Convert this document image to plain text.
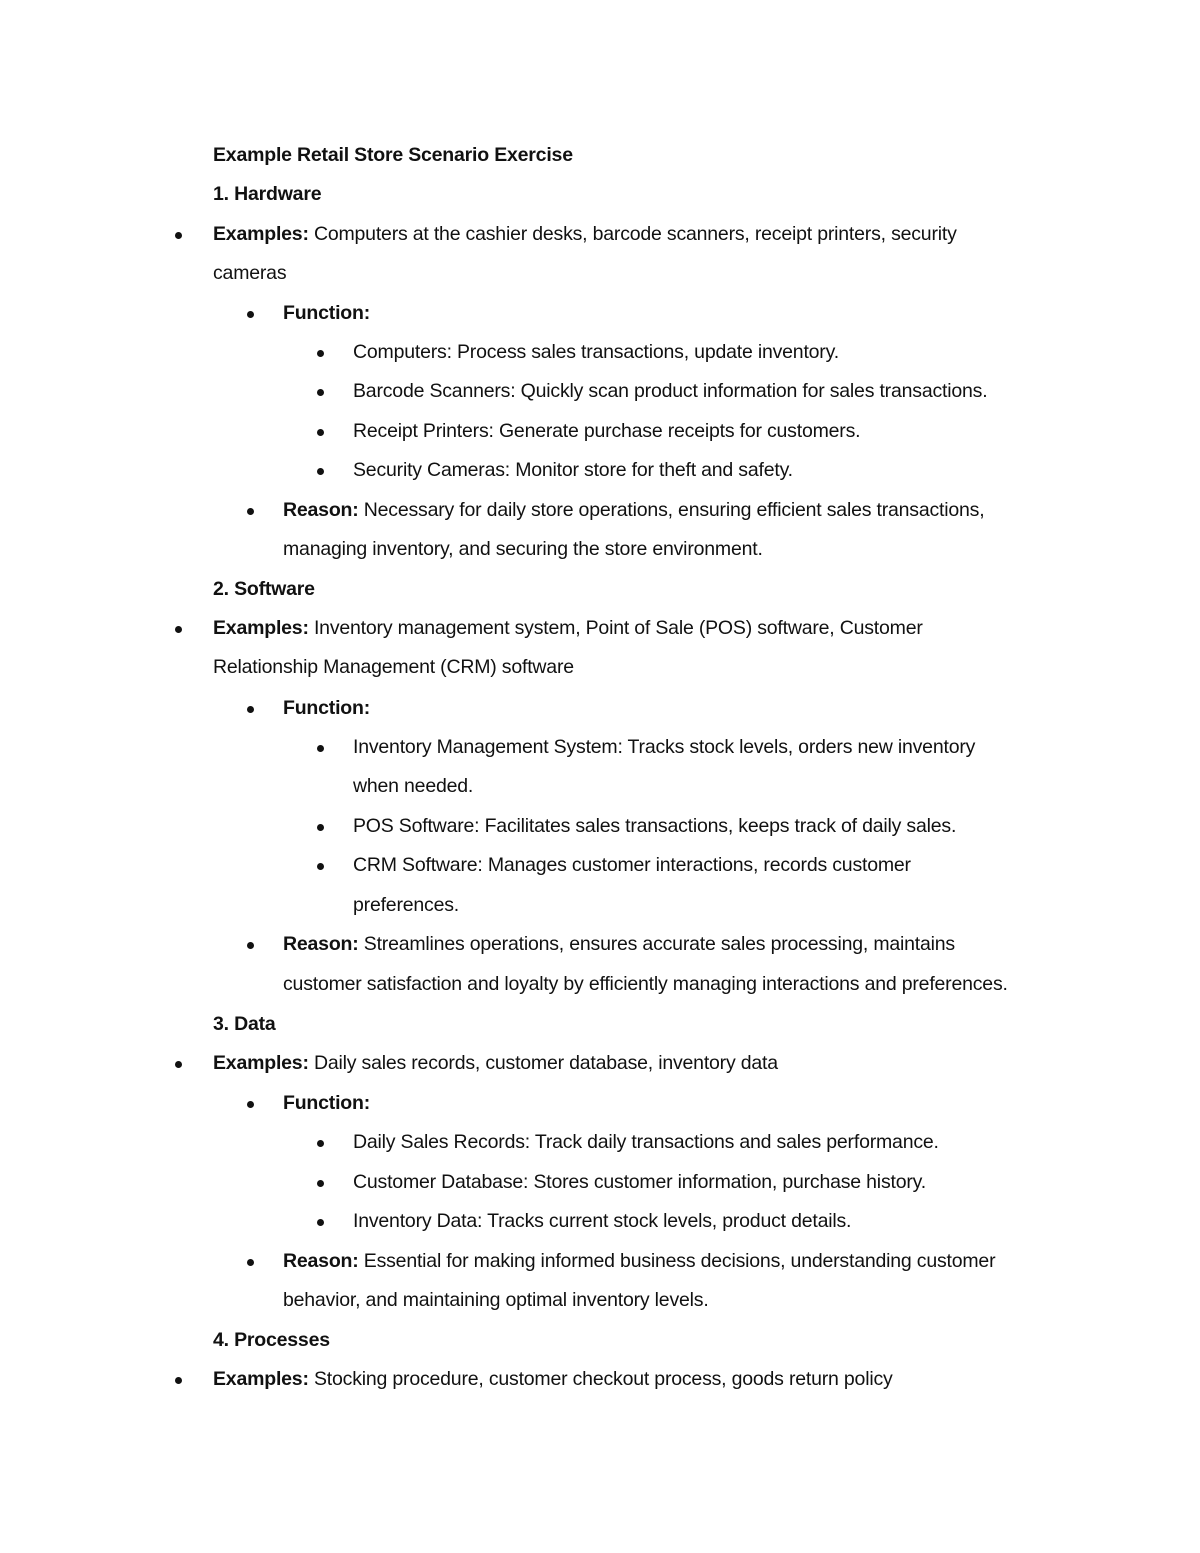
Example Retail Store Scenario Exercise
1. Hardware
Examples: Computers at the cashier desks, barcode scanners, receipt printers, security
cameras
Function:
Computers: Process sales transactions, update inventory.
Barcode Scanners: Quickly scan product information for sales transactions.
Receipt Printers: Generate purchase receipts for customers.
Security Cameras: Monitor store for theft and safety.
Reason: Necessary for daily store operations, ensuring efficient sales transactions,
managing inventory, and securing the store environment.
2. Software
Examples: Inventory management system, Point of Sale (POS) software, Customer
Relationship Management (CRM) software
Function:
Inventory Management System: Tracks stock levels, orders new inventory
when needed.
POS Software: Facilitates sales transactions, keeps track of daily sales.
CRM Software: Manages customer interactions, records customer
preferences.
Reason: Streamlines operations, ensures accurate sales processing, maintains
customer satisfaction and loyalty by efficiently managing interactions and preferences.
3. Data
Examples: Daily sales records, customer database, inventory data
Function:
Daily Sales Records: Track daily transactions and sales performance.
Customer Database: Stores customer information, purchase history.
Inventory Data: Tracks current stock levels, product details.
Reason: Essential for making informed business decisions, understanding customer
behavior, and maintaining optimal inventory levels.
4. Processes
Examples: Stocking procedure, customer checkout process, goods return policy
